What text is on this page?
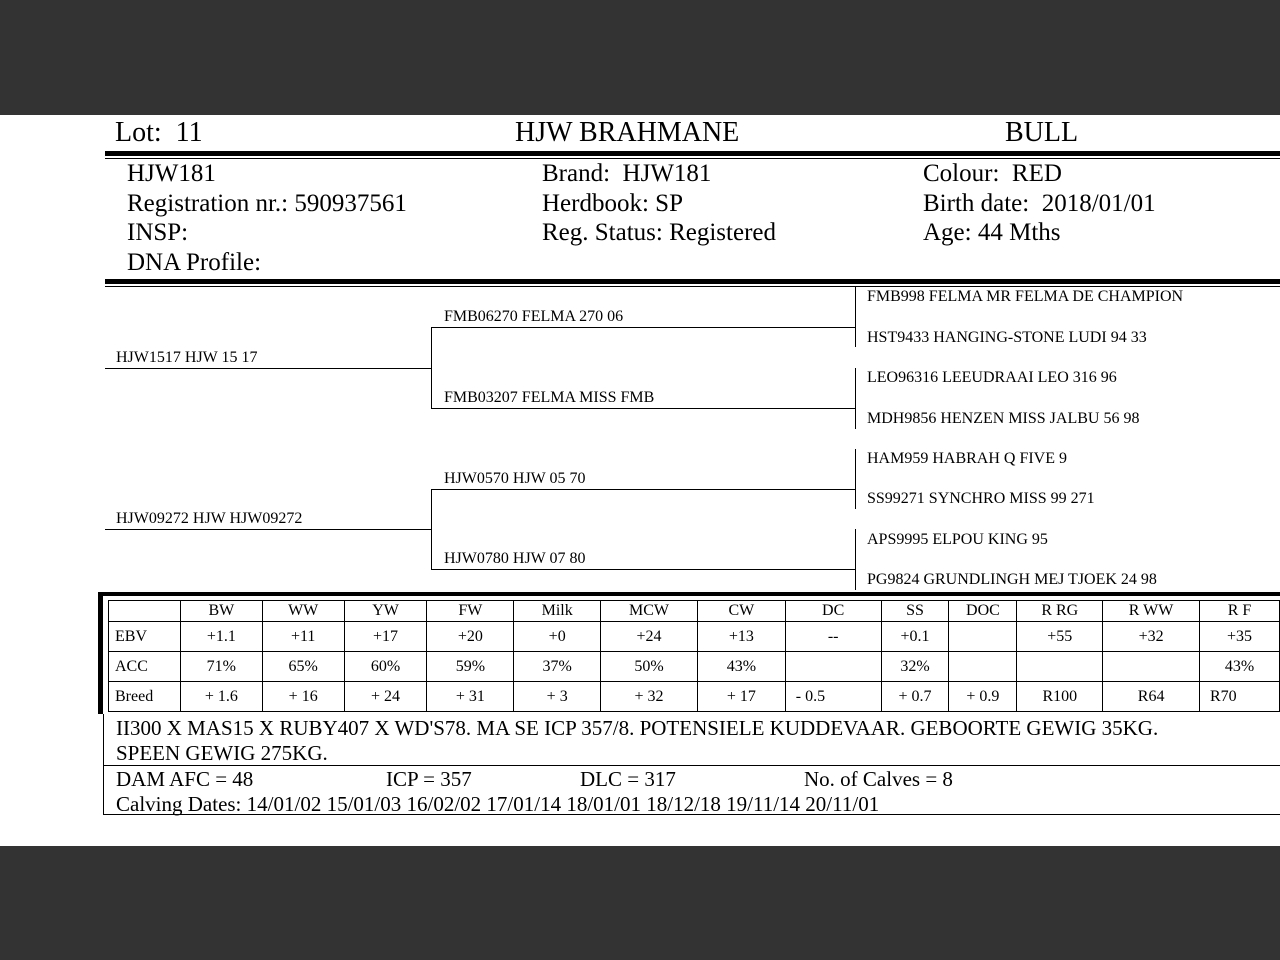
Lot: 11	HJW BRAHMANE	BULL
HJW181
Registration nr.: 590937561
INSP:
DNA Profile:
Brand: HJW181
Herdbook: SP
Reg. Status: Registered
Colour: RED
Birth date: 2018/01/01
Age: 44 Mths
HJW1517 HJW 15 17
HJW09272 HJW HJW09272
FMB06270 FELMA 270 06
FMB03207 FELMA MISS FMB
HJW0570 HJW 05 70
HJW0780 HJW 07 80
FMB998 FELMA MR FELMA DE CHAMPION
HST9433 HANGING-STONE LUDI 94 33
LEO96316 LEEUDRAAI LEO 316 96
MDH9856 HENZEN MISS JALBU 56 98
HAM959 HABRAH Q FIVE 9
SS99271 SYNCHRO MISS 99 271
APS9995 ELPOU KING 95
PG9824 GRUNDLINGH MEJ TJOEK 24 98
	BW	WW	YW	FW	Milk	MCW	CW	DC	SS	DOC	R RG	R WW	R F
EBV	+1.1	+11	+17	+20	+0	+24	+13	--	+0.1		+55	+32	+35
ACC	71%	65%	60%	59%	37%	50%	43%		32%				43%
Breed	+ 1.6	+ 16	+ 24	+ 31	+ 3	+ 32	+ 17	- 0.5	+ 0.7	+ 0.9	R100	R64	R70
II300 X MAS15 X RUBY407 X WD'S78. MA SE ICP 357/8. POTENSIELE KUDDEVAAR. GEBOORTE GEWIG 35KG.
SPEEN GEWIG 275KG.
DAM AFC = 48	ICP = 357	DLC = 317	No. of Calves = 8
Calving Dates: 14/01/02 15/01/03 16/02/02 17/01/14 18/01/01 18/12/18 19/11/14 20/11/01
